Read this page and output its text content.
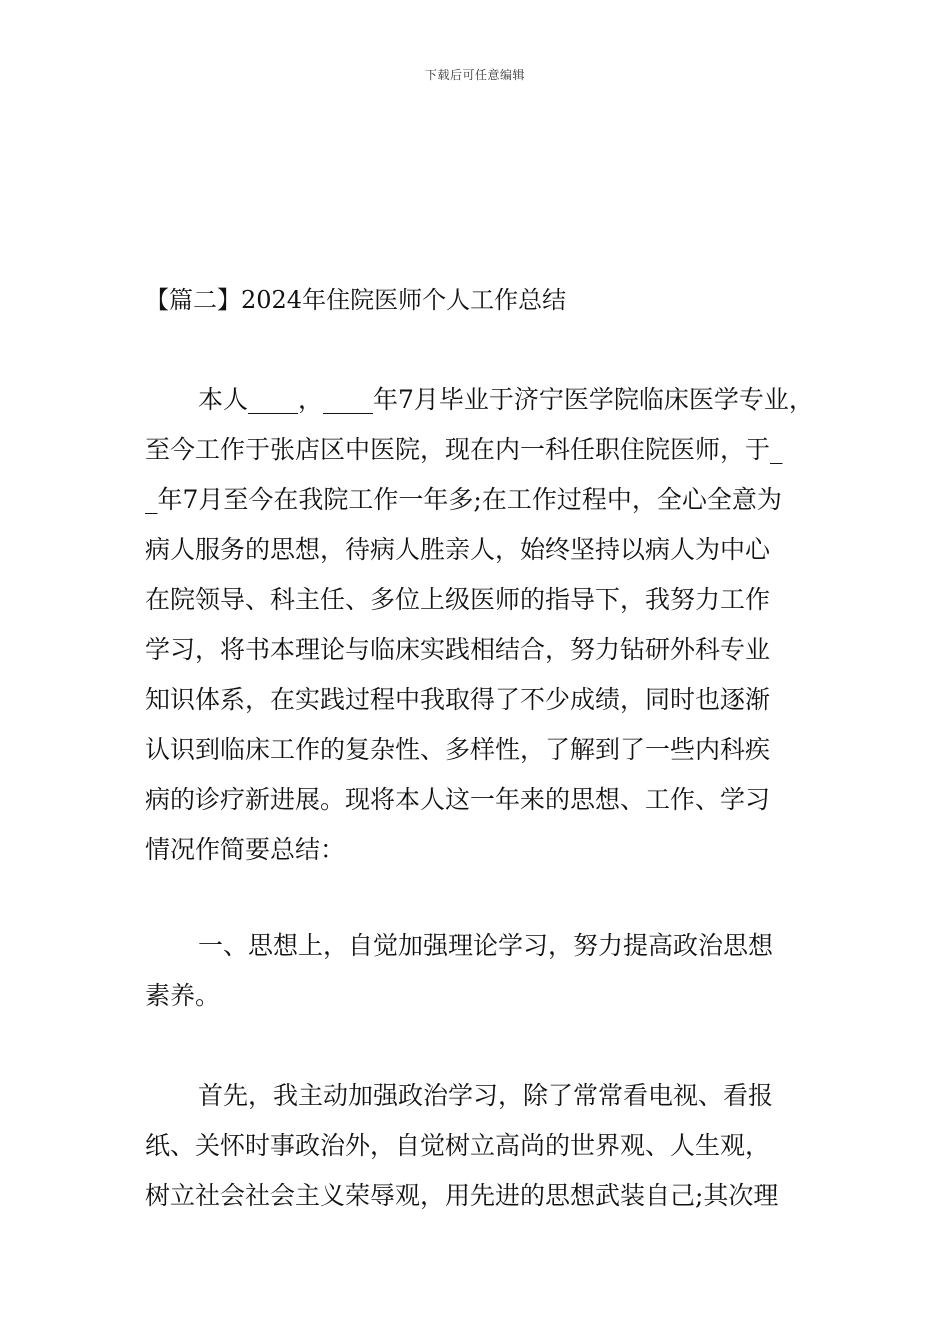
下载后可任意编辑
【篇二】2024年住院医师个人工作总结
本人____，____年7月毕业于济宁医学院临床医学专业，
至今工作于张店区中医院，现在内一科任职住院医师，于_
_年7月至今在我院工作一年多;在工作过程中，全心全意为
病人服务的思想，待病人胜亲人，始终坚持以病人为中心
在院领导、科主任、多位上级医师的指导下，我努力工作
学习，将书本理论与临床实践相结合，努力钻研外科专业
知识体系，在实践过程中我取得了不少成绩，同时也逐渐
认识到临床工作的复杂性、多样性，了解到了一些内科疾
病的诊疗新进展。现将本人这一年来的思想、工作、学习
情况作简要总结：
一、思想上，自觉加强理论学习，努力提高政治思想
素养。
首先，我主动加强政治学习，除了常常看电视、看报
纸、关怀时事政治外，自觉树立高尚的世界观、人生观，
树立社会社会主义荣辱观，用先进的思想武装自己;其次理
